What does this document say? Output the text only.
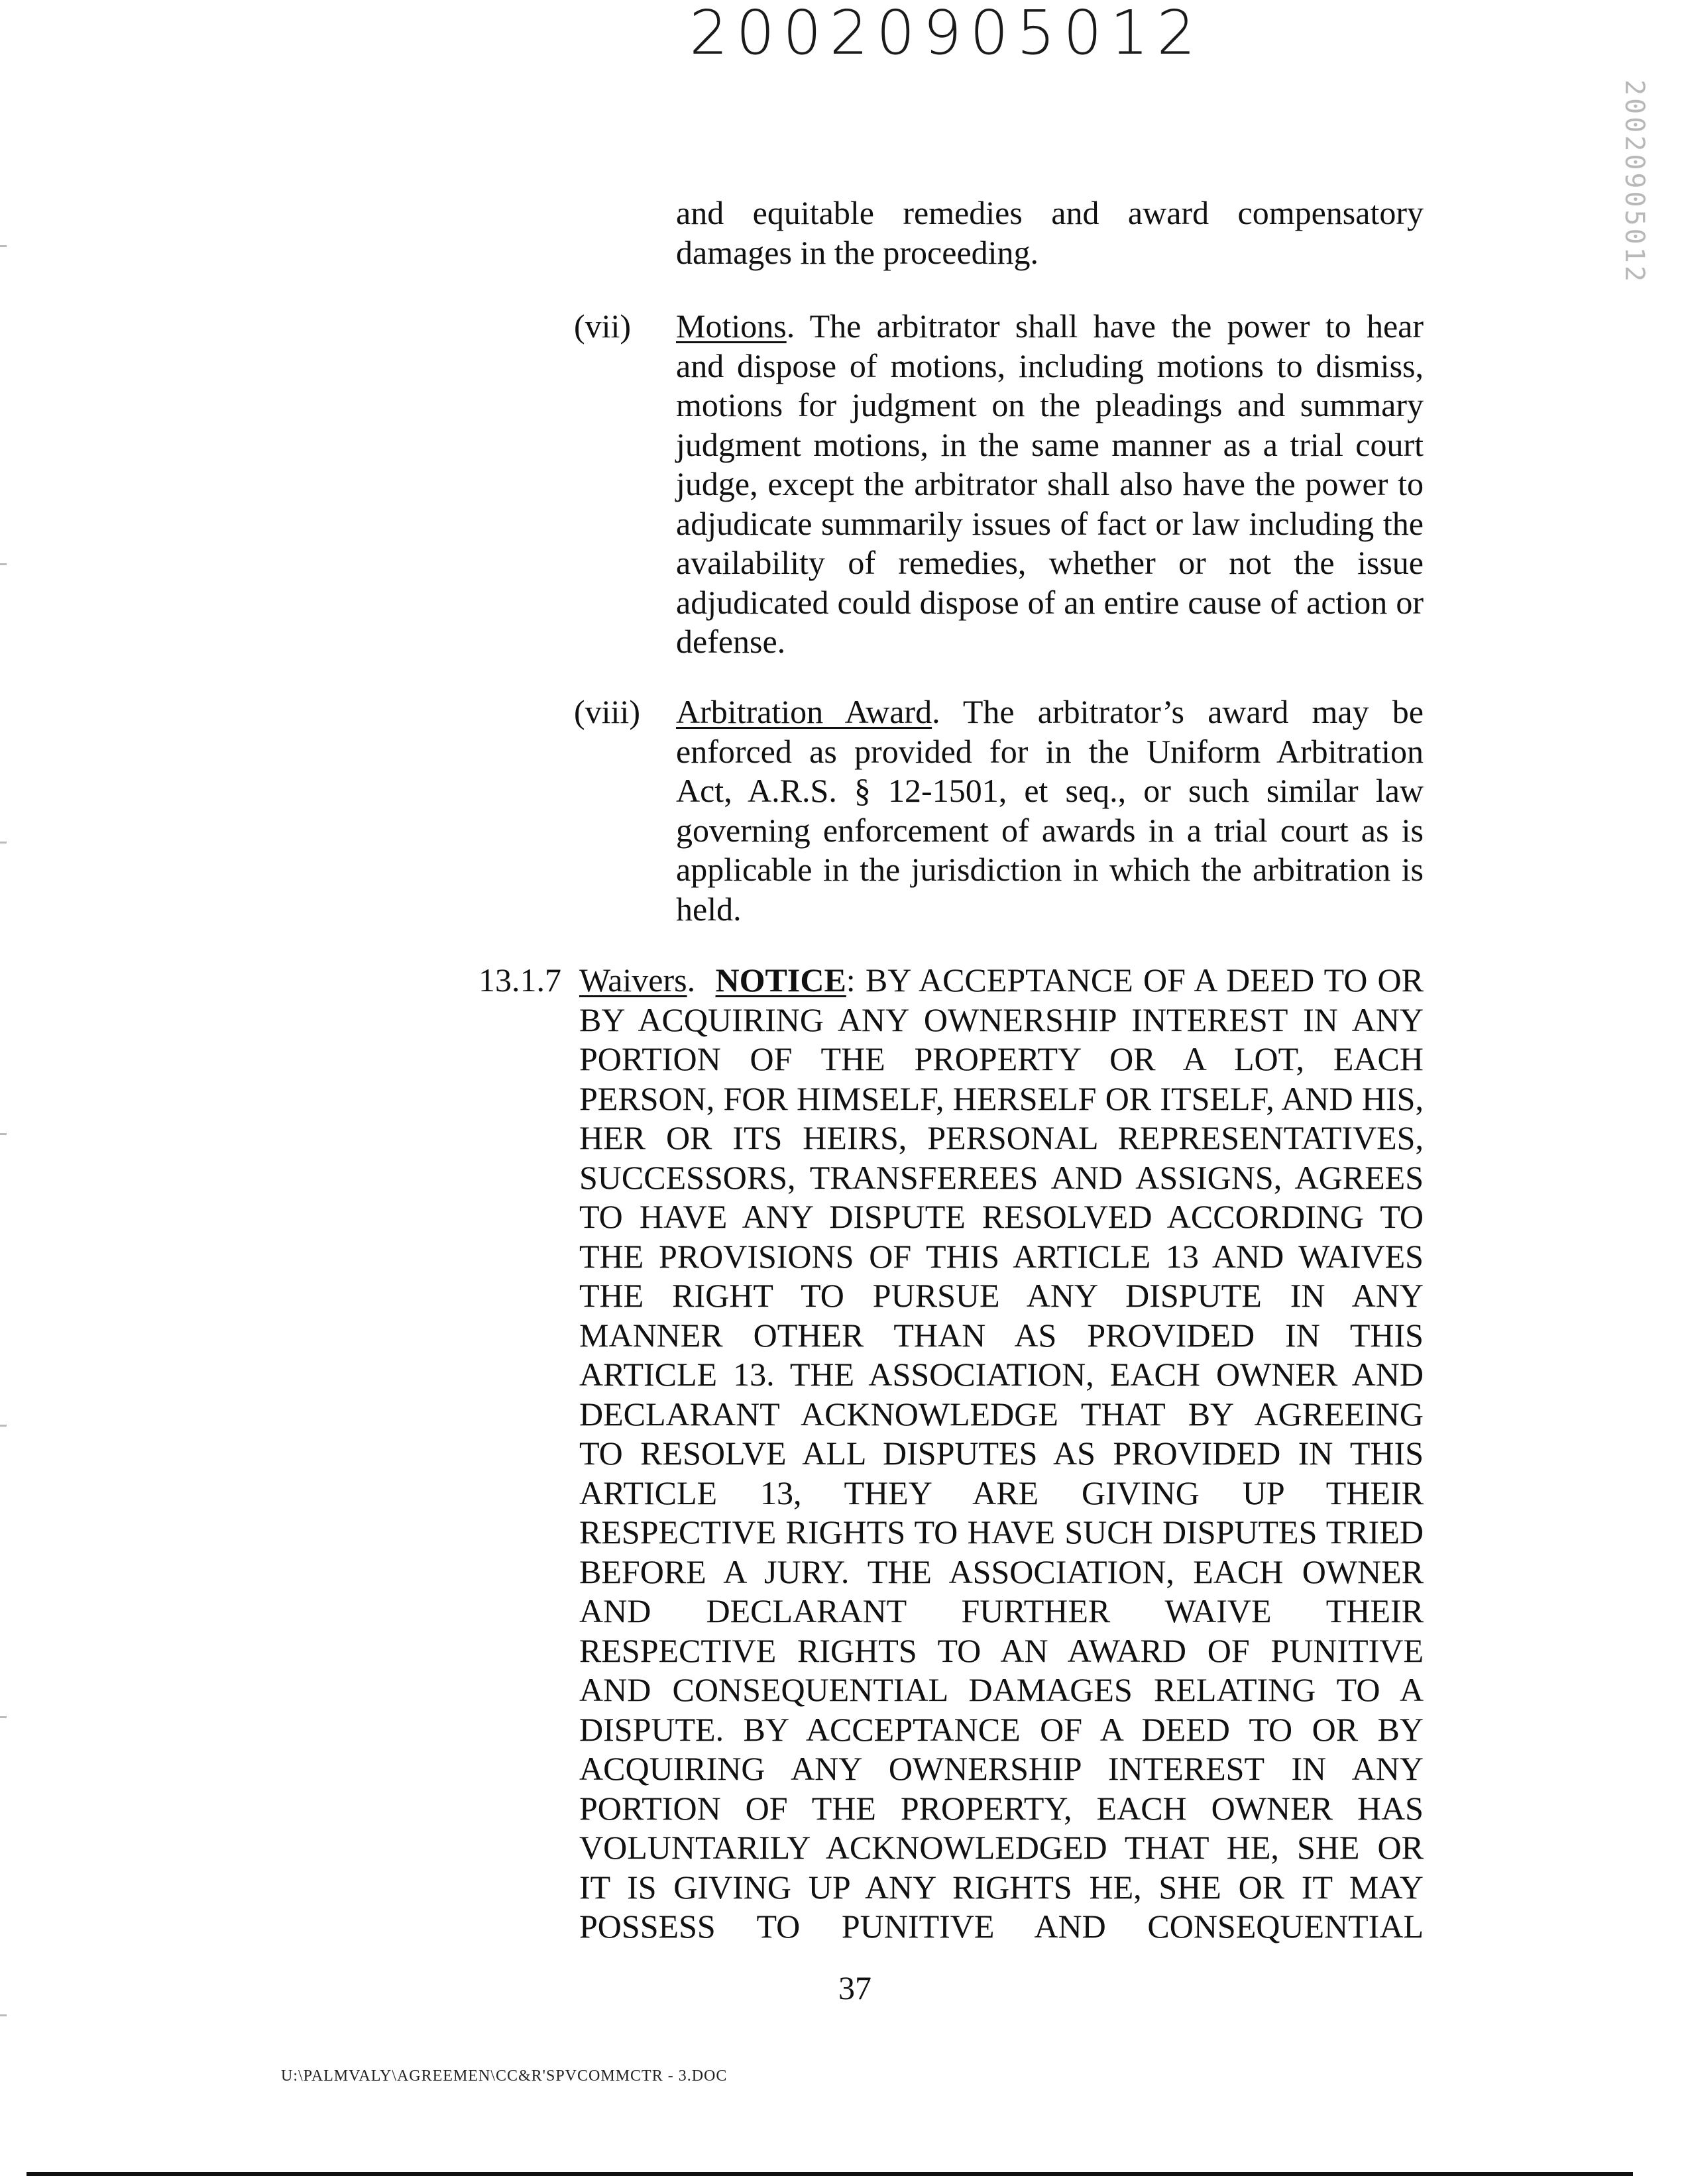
20020905012
20020905012
and equitable remedies and award compensatory
damages in the proceeding.
(vii) Motions. The arbitrator shall have the power to hear
and dispose of motions, including motions to dismiss,
motions for judgment on the pleadings and summary
judgment motions, in the same manner as a trial court
judge, except the arbitrator shall also have the power to
adjudicate summarily issues of fact or law including the
availability of remedies, whether or not the issue
adjudicated could dispose of an entire cause of action or
defense.
(viii) Arbitration Award. The arbitrator’s award may be
enforced as provided for in the Uniform Arbitration
Act, A.R.S. § 12-1501, et seq., or such similar law
governing enforcement of awards in a trial court as is
applicable in the jurisdiction in which the arbitration is
held.
13.1.7 Waivers.  NOTICE: BY ACCEPTANCE OF A DEED TO OR
BY ACQUIRING ANY OWNERSHIP INTEREST IN ANY
PORTION OF THE PROPERTY OR A LOT, EACH
PERSON, FOR HIMSELF, HERSELF OR ITSELF, AND HIS,
HER OR ITS HEIRS, PERSONAL REPRESENTATIVES,
SUCCESSORS, TRANSFEREES AND ASSIGNS, AGREES
TO HAVE ANY DISPUTE RESOLVED ACCORDING TO
THE PROVISIONS OF THIS ARTICLE 13 AND WAIVES
THE RIGHT TO PURSUE ANY DISPUTE IN ANY
MANNER OTHER THAN AS PROVIDED IN THIS
ARTICLE 13. THE ASSOCIATION, EACH OWNER AND
DECLARANT ACKNOWLEDGE THAT BY AGREEING
TO RESOLVE ALL DISPUTES AS PROVIDED IN THIS
ARTICLE 13, THEY ARE GIVING UP THEIR
RESPECTIVE RIGHTS TO HAVE SUCH DISPUTES TRIED
BEFORE A JURY. THE ASSOCIATION, EACH OWNER
AND DECLARANT FURTHER WAIVE THEIR
RESPECTIVE RIGHTS TO AN AWARD OF PUNITIVE
AND CONSEQUENTIAL DAMAGES RELATING TO A
DISPUTE. BY ACCEPTANCE OF A DEED TO OR BY
ACQUIRING ANY OWNERSHIP INTEREST IN ANY
PORTION OF THE PROPERTY, EACH OWNER HAS
VOLUNTARILY ACKNOWLEDGED THAT HE, SHE OR
IT IS GIVING UP ANY RIGHTS HE, SHE OR IT MAY
POSSESS TO PUNITIVE AND CONSEQUENTIAL
37
U:\PALMVALY\AGREEMEN\CC&R'SPVCOMMCTR - 3.DOC
